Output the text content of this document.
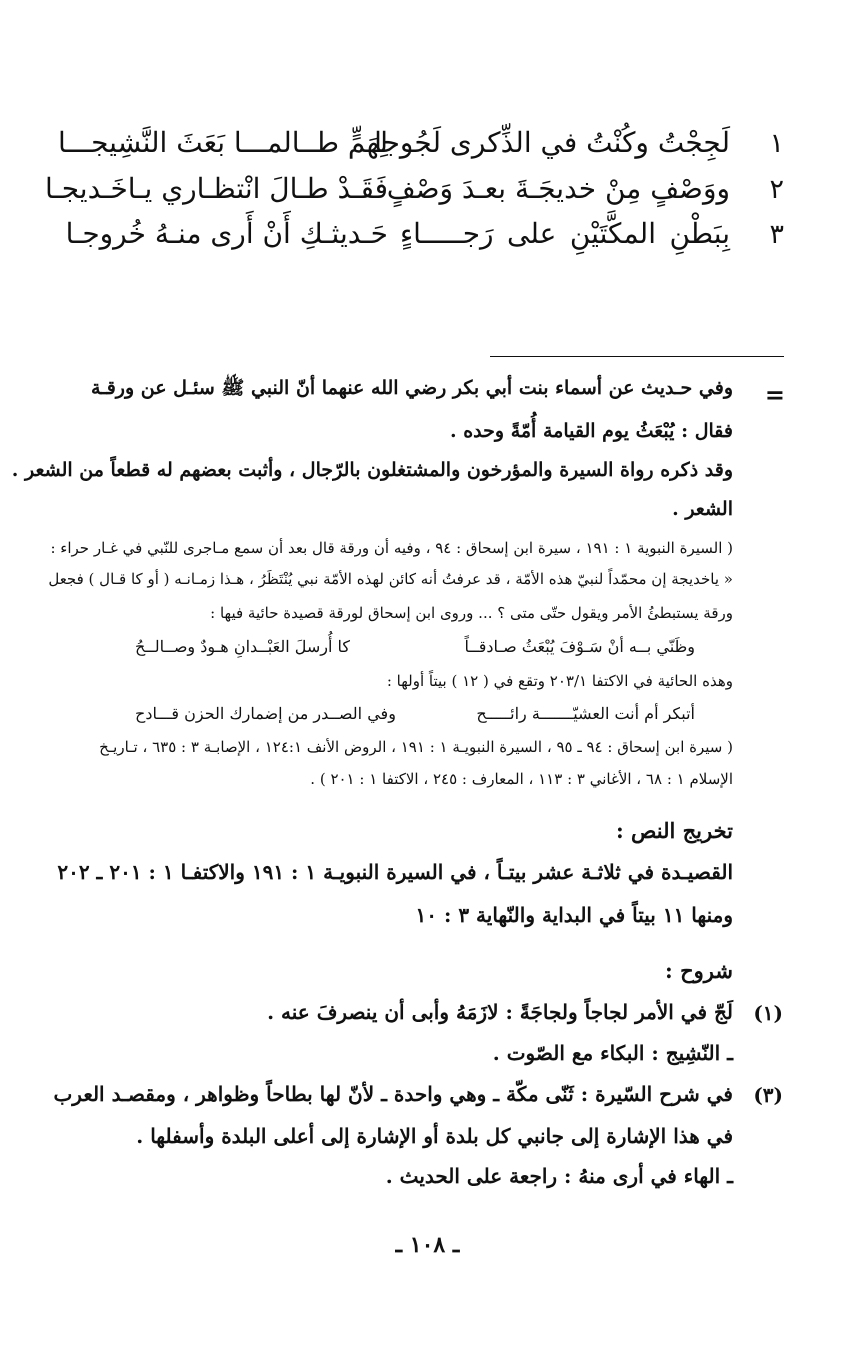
١
لَجِجْتُ وكُنْتُ في الذِّكرى لَجُوجا
لِهَمٍّ طــالمـــا بَعَثَ النَّشِيجـــا
٢
ووَصْفٍ مِنْ خديجَـةَ بعـدَ وَصْفٍ
فَقَـدْ طـالَ انْتظـاري يـاخَـديجـا
٣
بِبَطْنِ المكَّتَيْنِ على رَجـــــاءٍ
حَـديثـكِ أَنْ أَرى منـهُ خُروجـا
=
وفي حـديث عن أسماء بنت أبي بكر رضي الله عنهما أنّ النبي ﷺ سئـل عن ورقـة
فقال : يُبْعَثُ يوم القيامة أُمّةً وحده .
وقد ذكره رواة السيرة والمؤرخون والمشتغلون بالرّجال ، وأثبت بعضهم له قطعاً من الشعر .
الشعر .
( السيرة النبوية ١ : ١٩١ ، سيرة ابن إسحاق : ٩٤ ، وفيه أن ورقة قال بعد أن سمع مـاجرى للنّبي في غـار حراء :
« ياخديجة إن محمّداً لنبيّ هذه الأمّة ، قد عرفتُ أنه كائن لهذه الأمّة نبي يُنْتَظَرُ ، هـذا زمـانـه ( أو كا قـال ) فجعل
ورقة يستبطئُ الأمر ويقول حتّى متى ؟ ... وروى ابن إسحاق لورقة قصيدة حائية فيها :
وظَنّي بــه أنْ سَـوْفَ يُبْعَثُ صـادقــاً
كا أُرسلَ العَبْــدانِ هـودٌ وصــالــحُ
وهذه الحائية في الاكتفا ٢٠٣/١ وتقع في ( ١٢ ) بيتاً أولها :
أتبكر أم أنت العشيّـــــــة رائـــــح
وفي الصــدر من إضمارك الحزن قـــادح
( سيرة ابن إسحاق : ٩٤ ـ ٩٥ ، السيرة النبويـة ١ : ١٩١ ، الروض الأنف ١٢٤:١ ، الإصابـة ٣ : ٦٣٥ ، تـاريـخ
الإسلام ١ : ٦٨ ، الأغاني ٣ : ١١٣ ، المعارف : ٢٤٥ ، الاكتفا ١ : ٢٠١ ) .
تخريج النص :
القصيـدة في ثلاثـة عشر بيتـاً ، في السيرة النبويـة ١ : ١٩١ والاكتفـا ١ : ٢٠١ ـ ٢٠٢
ومنها ١١ بيتاً في البداية والنّهاية ٣ : ١٠
شروح :
(١)
لَجّ في الأمر لجاجاً ولجاجَةً : لازَمَهُ وأبى أن ينصرفَ عنه .
ـ النّشِيج : البكاء مع الصّوت .
(٣)
في شرح السّيرة : ثَنّى مكّة ـ وهي واحدة ـ لأنّ لها بطاحاً وظواهر ، ومقصـد العرب
في هذا الإشارة إلى جانبي كل بلدة أو الإشارة إلى أعلى البلدة وأسفلها .
ـ الهاء في أرى منهُ : راجعة على الحديث .
ـ ١٠٨ ـ
